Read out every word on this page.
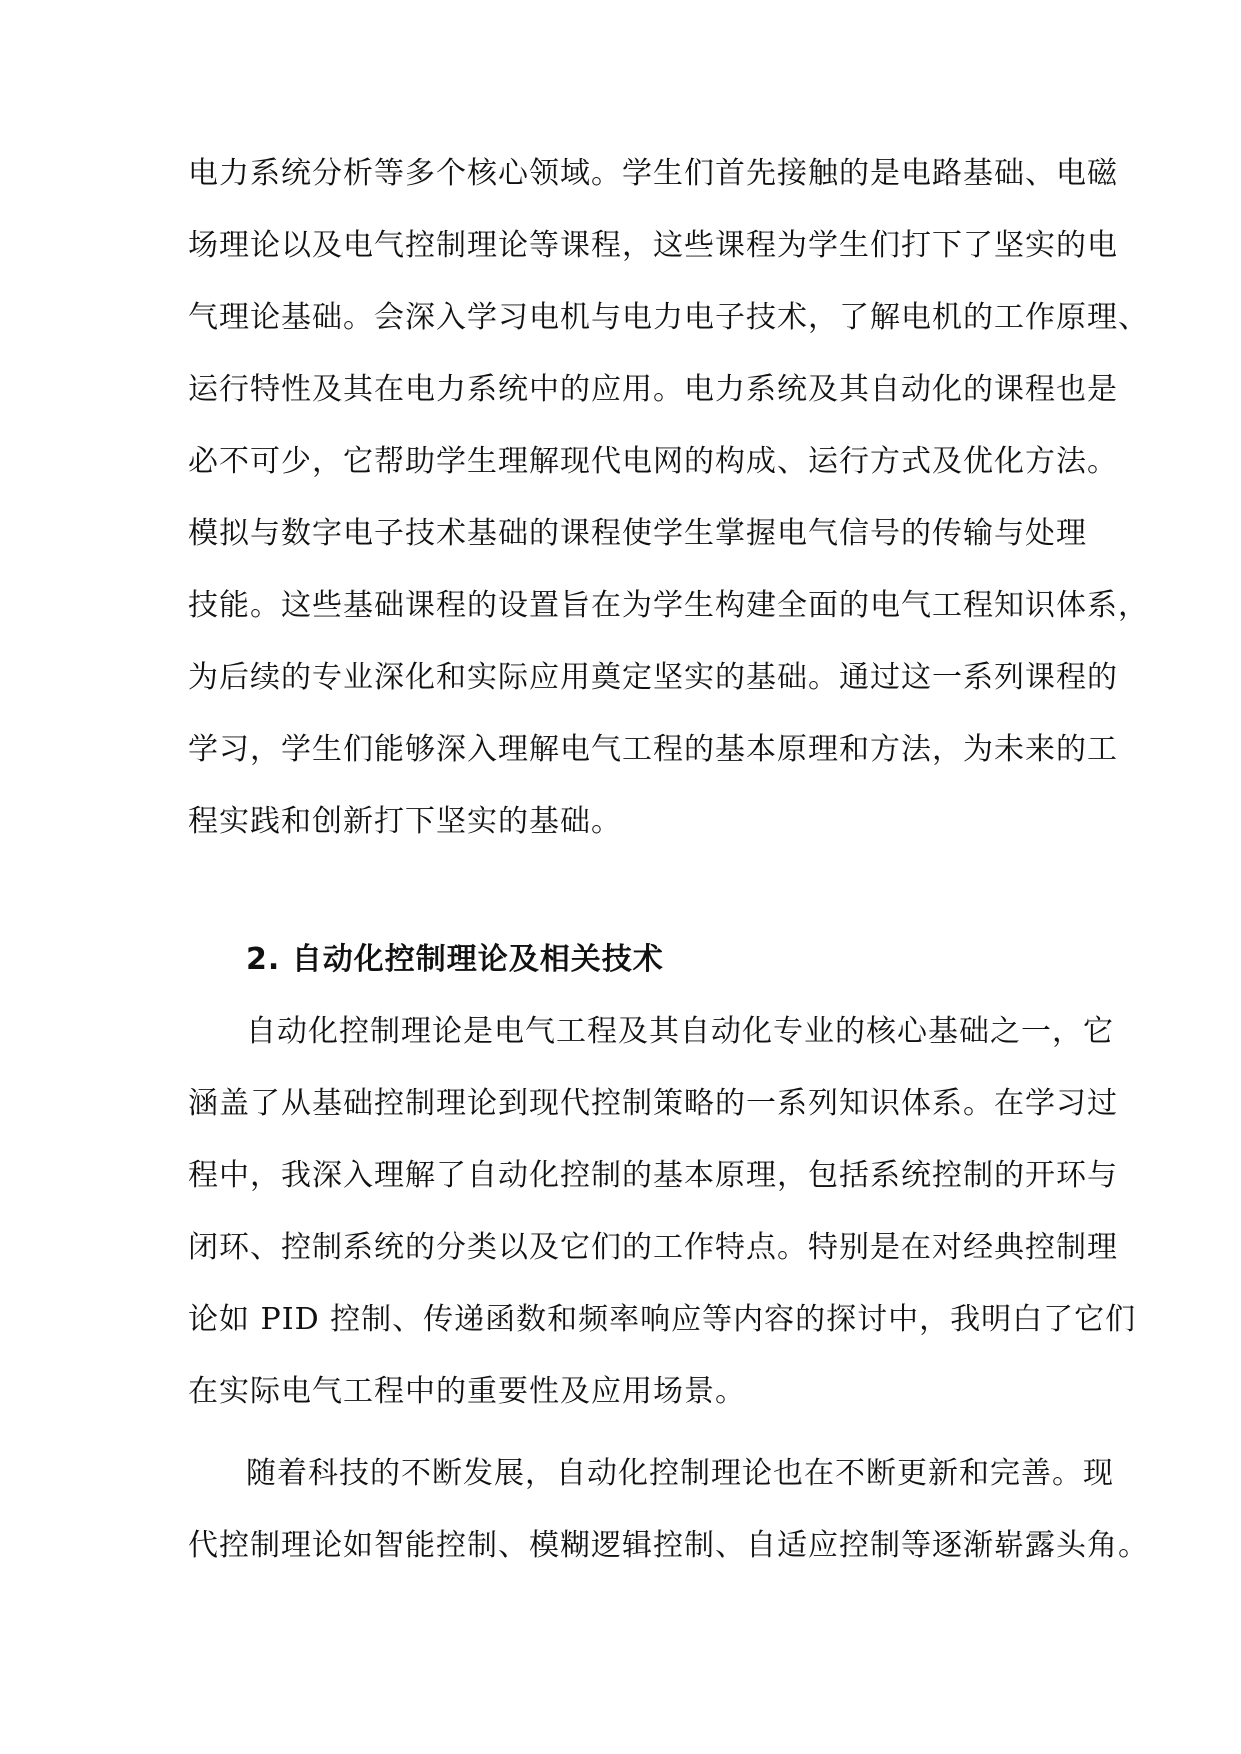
电力系统分析等多个核心领域。学生们首先接触的是电路基础、电磁

场理论以及电气控制理论等课程，这些课程为学生们打下了坚实的电

气理论基础。会深入学习电机与电力电子技术，了解电机的工作原理、

运行特性及其在电力系统中的应用。电力系统及其自动化的课程也是

必不可少，它帮助学生理解现代电网的构成、运行方式及优化方法。

模拟与数字电子技术基础的课程使学生掌握电气信号的传输与处理

技能。这些基础课程的设置旨在为学生构建全面的电气工程知识体系，

为后续的专业深化和实际应用奠定坚实的基础。通过这一系列课程的

学习，学生们能够深入理解电气工程的基本原理和方法，为未来的工

程实践和创新打下坚实的基础。

2. 自动化控制理论及相关技术

自动化控制理论是电气工程及其自动化专业的核心基础之一，它

涵盖了从基础控制理论到现代控制策略的一系列知识体系。在学习过

程中，我深入理解了自动化控制的基本原理，包括系统控制的开环与

闭环、控制系统的分类以及它们的工作特点。特别是在对经典控制理

论如 PID 控制、传递函数和频率响应等内容的探讨中，我明白了它们

在实际电气工程中的重要性及应用场景。

随着科技的不断发展，自动化控制理论也在不断更新和完善。现

代控制理论如智能控制、模糊逻辑控制、自适应控制等逐渐崭露头角。
